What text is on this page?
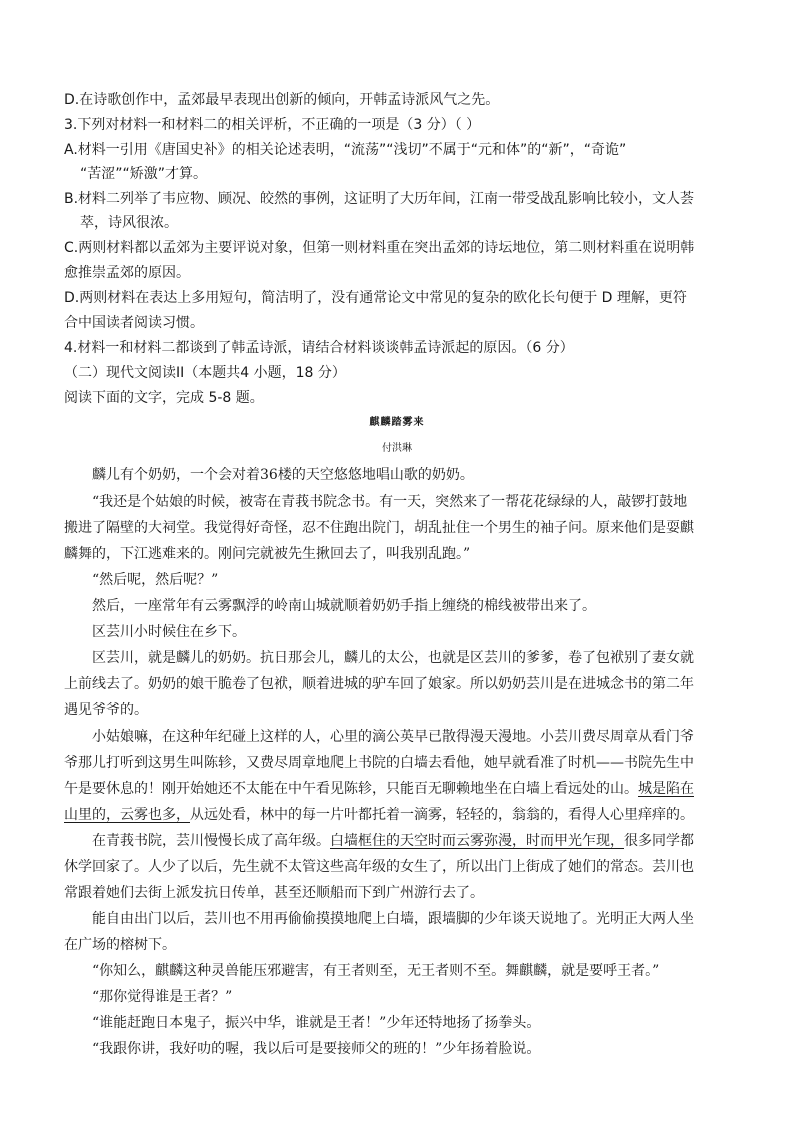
D.在诗歌创作中，孟郊最早表现出创新的倾向，开韩孟诗派风气之先。
3.下列对材料一和材料二的相关评析，不正确的一项是（3 分）（ ）
A.材料一引用《唐国史补》的相关论述表明，“流荡”“浅切”不属于“元和体”的“新”，“奇诡”
“苦涩”“矫激”才算。
B.材料二列举了韦应物、顾况、皎然的事例，这证明了大历年间，江南一带受战乱影响比较小，文人荟
萃，诗风很浓。
C.两则材料都以孟郊为主要评说对象，但第一则材料重在突出孟郊的诗坛地位，第二则材料重在说明韩
愈推崇孟郊的原因。
D.两则材料在表达上多用短句，简洁明了，没有通常论文中常见的复杂的欧化长句便于 D 理解，更符
合中国读者阅读习惯。
4.材料一和材料二都谈到了韩孟诗派，请结合材料谈谈韩孟诗派起的原因。（6 分）
（二）现代文阅读II（本题共4 小题，18 分）
阅读下面的文字，完成 5-8 题。
麒麟踏雾来
付洪琳
麟儿有个奶奶，一个会对着36楼的天空悠悠地唱山歌的奶奶。
“我还是个姑娘的时候，被寄在青莪书院念书。有一天，突然来了一帮花花绿绿的人，敲锣打鼓地
搬进了隔壁的大祠堂。我觉得好奇怪，忍不住跑出院门，胡乱扯住一个男生的袖子问。原来他们是耍麒
麟舞的，下江逃难来的。刚问完就被先生揪回去了，叫我别乱跑。”
“然后呢，然后呢？”
然后，一座常年有云雾飘浮的岭南山城就顺着奶奶手指上缠绕的棉线被带出来了。
区芸川小时候住在乡下。
区芸川，就是麟儿的奶奶。抗日那会儿，麟儿的太公，也就是区芸川的爹爹，卷了包袱别了妻女就
上前线去了。奶奶的娘干脆卷了包袱，顺着进城的驴车回了娘家。所以奶奶芸川是在进城念书的第二年
遇见爷爷的。
小姑娘嘛，在这种年纪碰上这样的人，心里的滴公英早已散得漫天漫地。小芸川费尽周章从看门爷
爷那儿打听到这男生叫陈轸，又费尽周章地爬上书院的白墙去看他，她早就看准了时机——书院先生中
午是要休息的！刚开始她还不太能在中午看见陈轸，只能百无聊赖地坐在白墙上看远处的山。城是陷在
山里的，云雾也多，从远处看，林中的每一片叶都托着一滴雾，轻轻的，翁翁的，看得人心里痒痒的。
在青莪书院，芸川慢慢长成了高年级。白墙框住的天空时而云雾弥漫，时而甲光乍现，很多同学都
休学回家了。人少了以后，先生就不太管这些高年级的女生了，所以出门上街成了她们的常态。芸川也
常跟着她们去街上派发抗日传单，甚至还顺船而下到广州游行去了。
能自由出门以后，芸川也不用再偷偷摸摸地爬上白墙，跟墙脚的少年谈天说地了。光明正大两人坐
在广场的榕树下。
“你知么，麒麟这种灵兽能压邪避害，有王者则至，无王者则不至。舞麒麟，就是要呼王者。”
“那你觉得谁是王者？”
“谁能赶跑日本鬼子，振兴中华，谁就是王者！”少年还特地扬了扬拳头。
“我跟你讲，我好叻的喔，我以后可是要接师父的班的！”少年扬着脸说。
